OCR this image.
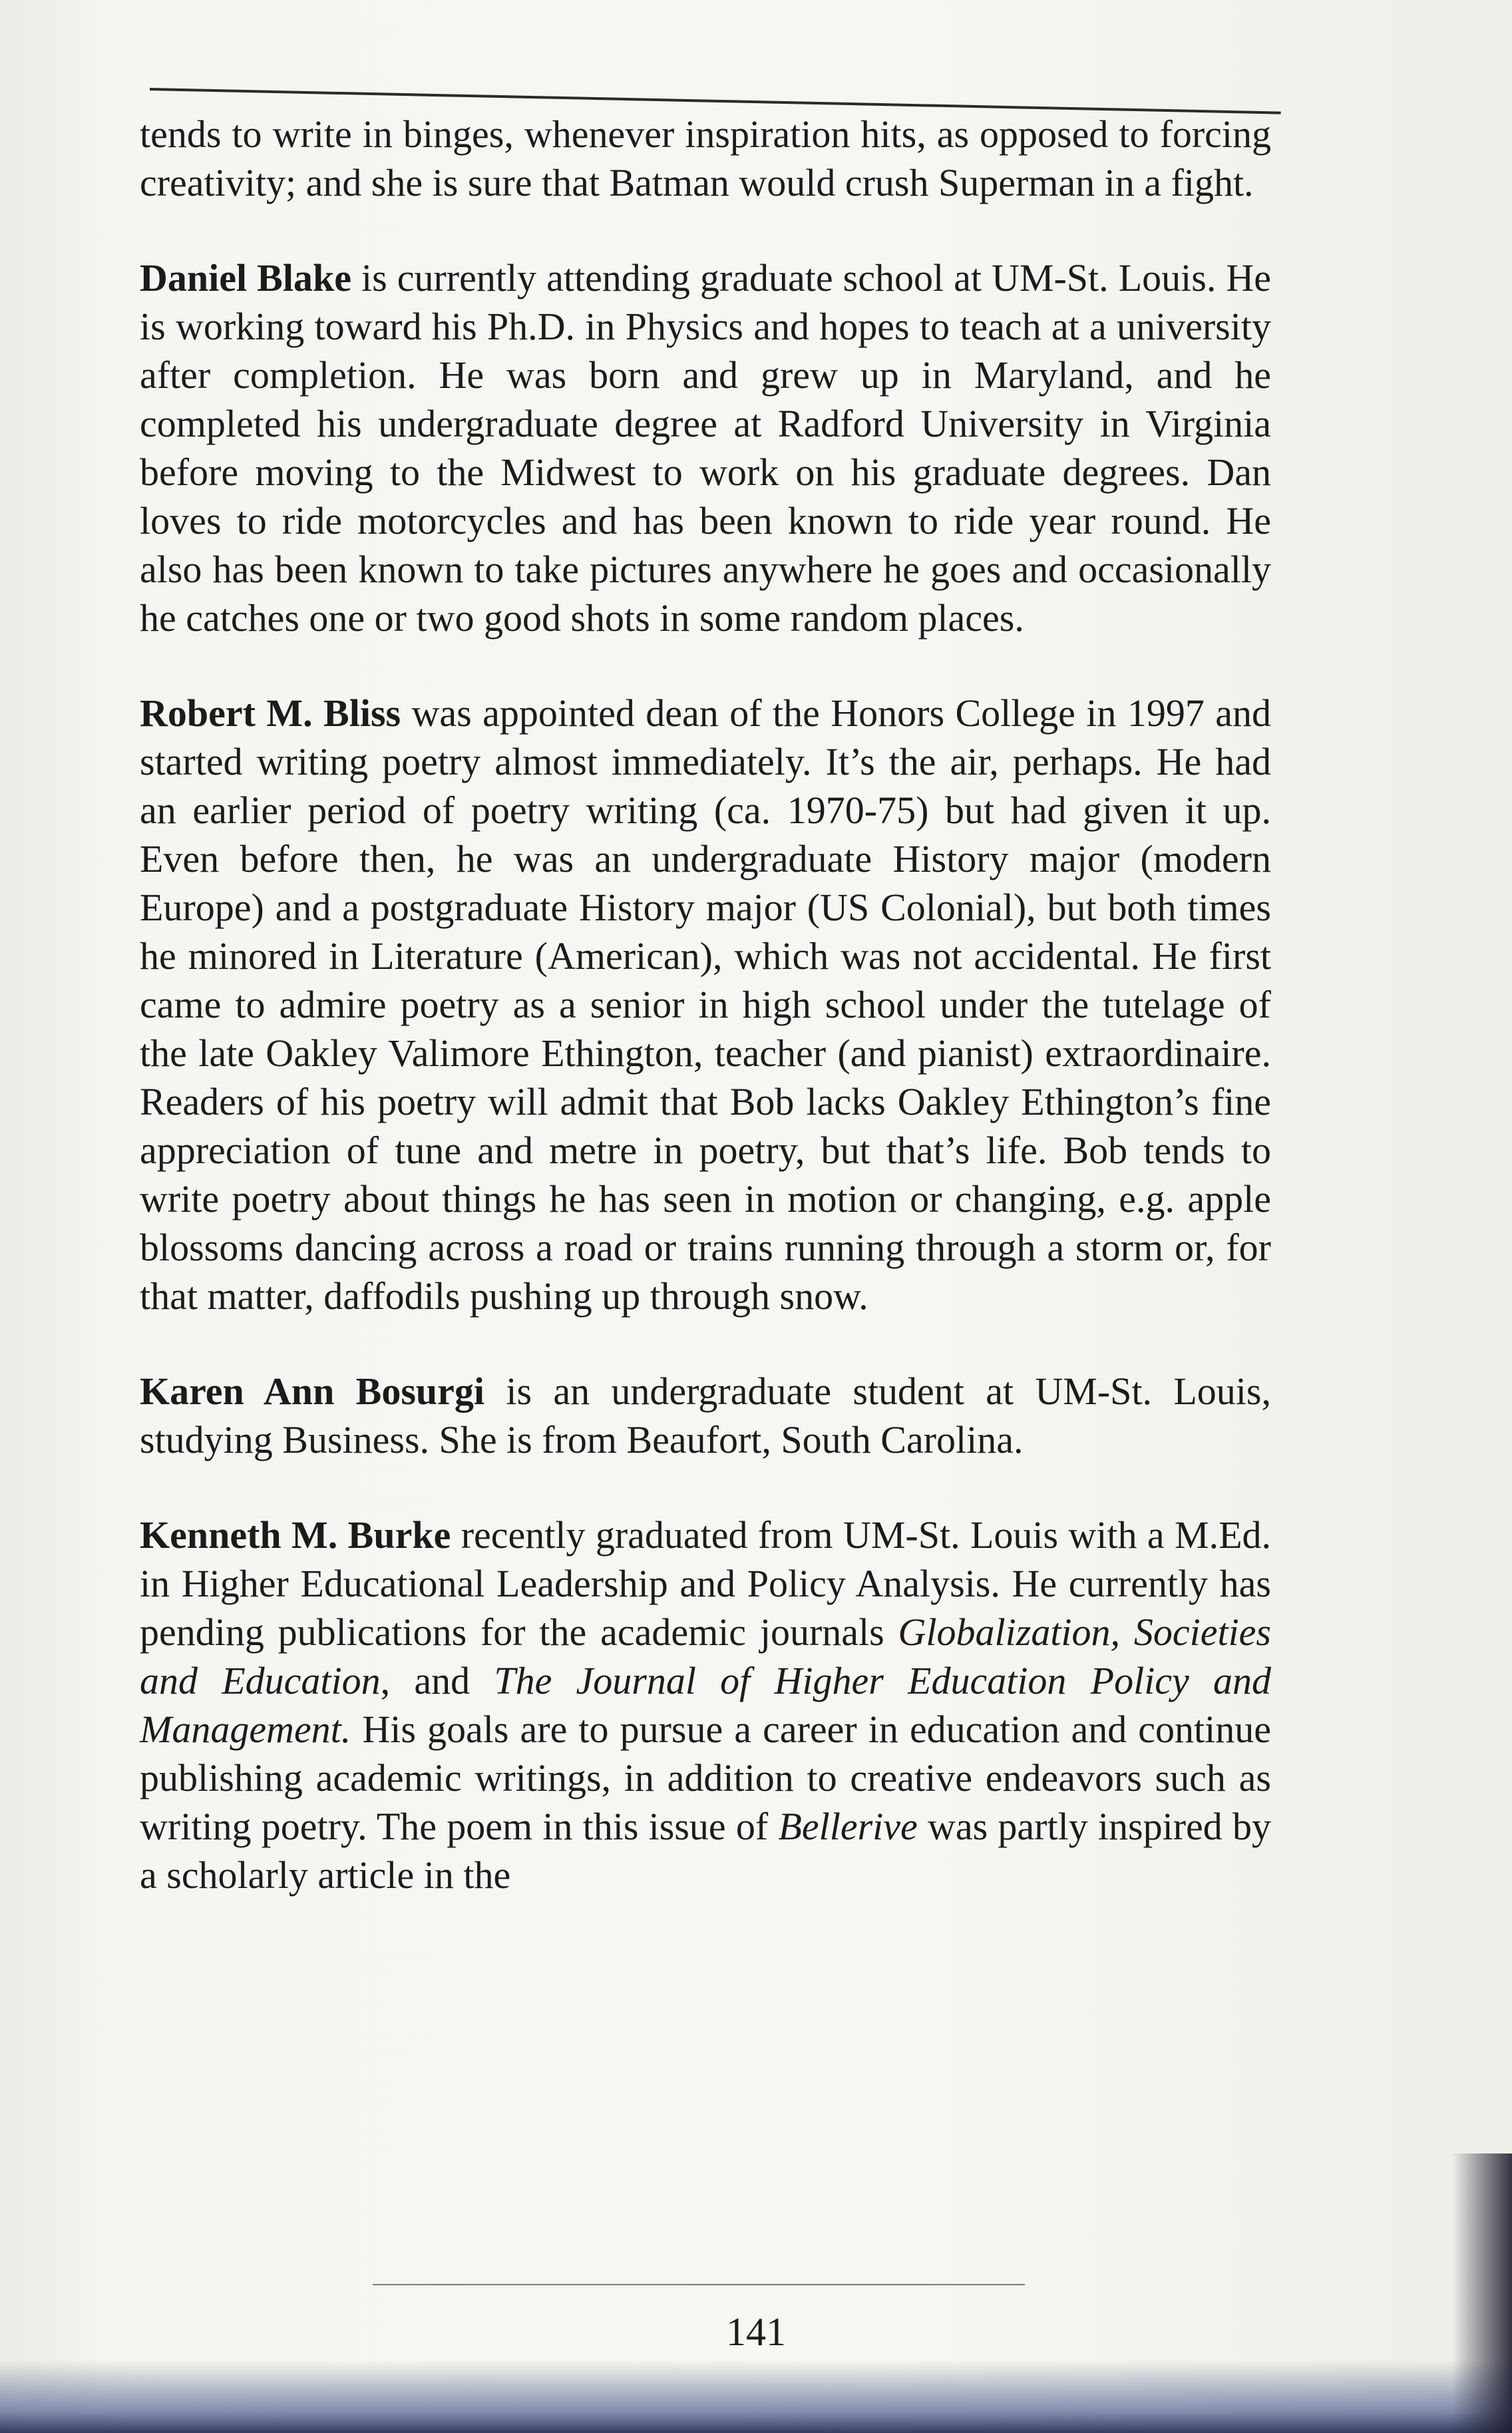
tends to write in binges, whenever inspiration hits, as opposed to forcing creativity; and she is sure that Batman would crush Superman in a fight.

Daniel Blake is currently attending graduate school at UM-St. Louis. He is working toward his Ph.D. in Physics and hopes to teach at a university after completion. He was born and grew up in Maryland, and he completed his undergraduate degree at Radford University in Virginia before moving to the Midwest to work on his graduate degrees. Dan loves to ride motorcycles and has been known to ride year round. He also has been known to take pictures anywhere he goes and occasionally he catches one or two good shots in some random places.

Robert M. Bliss was appointed dean of the Honors College in 1997 and started writing poetry almost immediately. It’s the air, perhaps. He had an earlier period of poetry writing (ca. 1970-75) but had given it up. Even before then, he was an undergraduate History major (modern Europe) and a postgraduate History major (US Colonial), but both times he minored in Literature (American), which was not accidental. He first came to admire poetry as a senior in high school under the tutelage of the late Oakley Valimore Ethington, teacher (and pianist) extraordinaire. Readers of his poetry will admit that Bob lacks Oakley Ethington’s fine appreciation of tune and metre in poetry, but that’s life. Bob tends to write poetry about things he has seen in motion or changing, e.g. apple blossoms dancing across a road or trains running through a storm or, for that matter, daffodils pushing up through snow.

Karen Ann Bosurgi is an undergraduate student at UM-St. Louis, studying Business. She is from Beaufort, South Carolina.

Kenneth M. Burke recently graduated from UM-St. Louis with a M.Ed. in Higher Educational Leadership and Policy Analysis. He currently has pending publications for the academic journals Globalization, Societies and Education, and The Journal of Higher Education Policy and Management. His goals are to pursue a career in education and continue publishing academic writings, in addition to creative endeavors such as writing poetry. The poem in this issue of Bellerive was partly inspired by a scholarly article in the

141
